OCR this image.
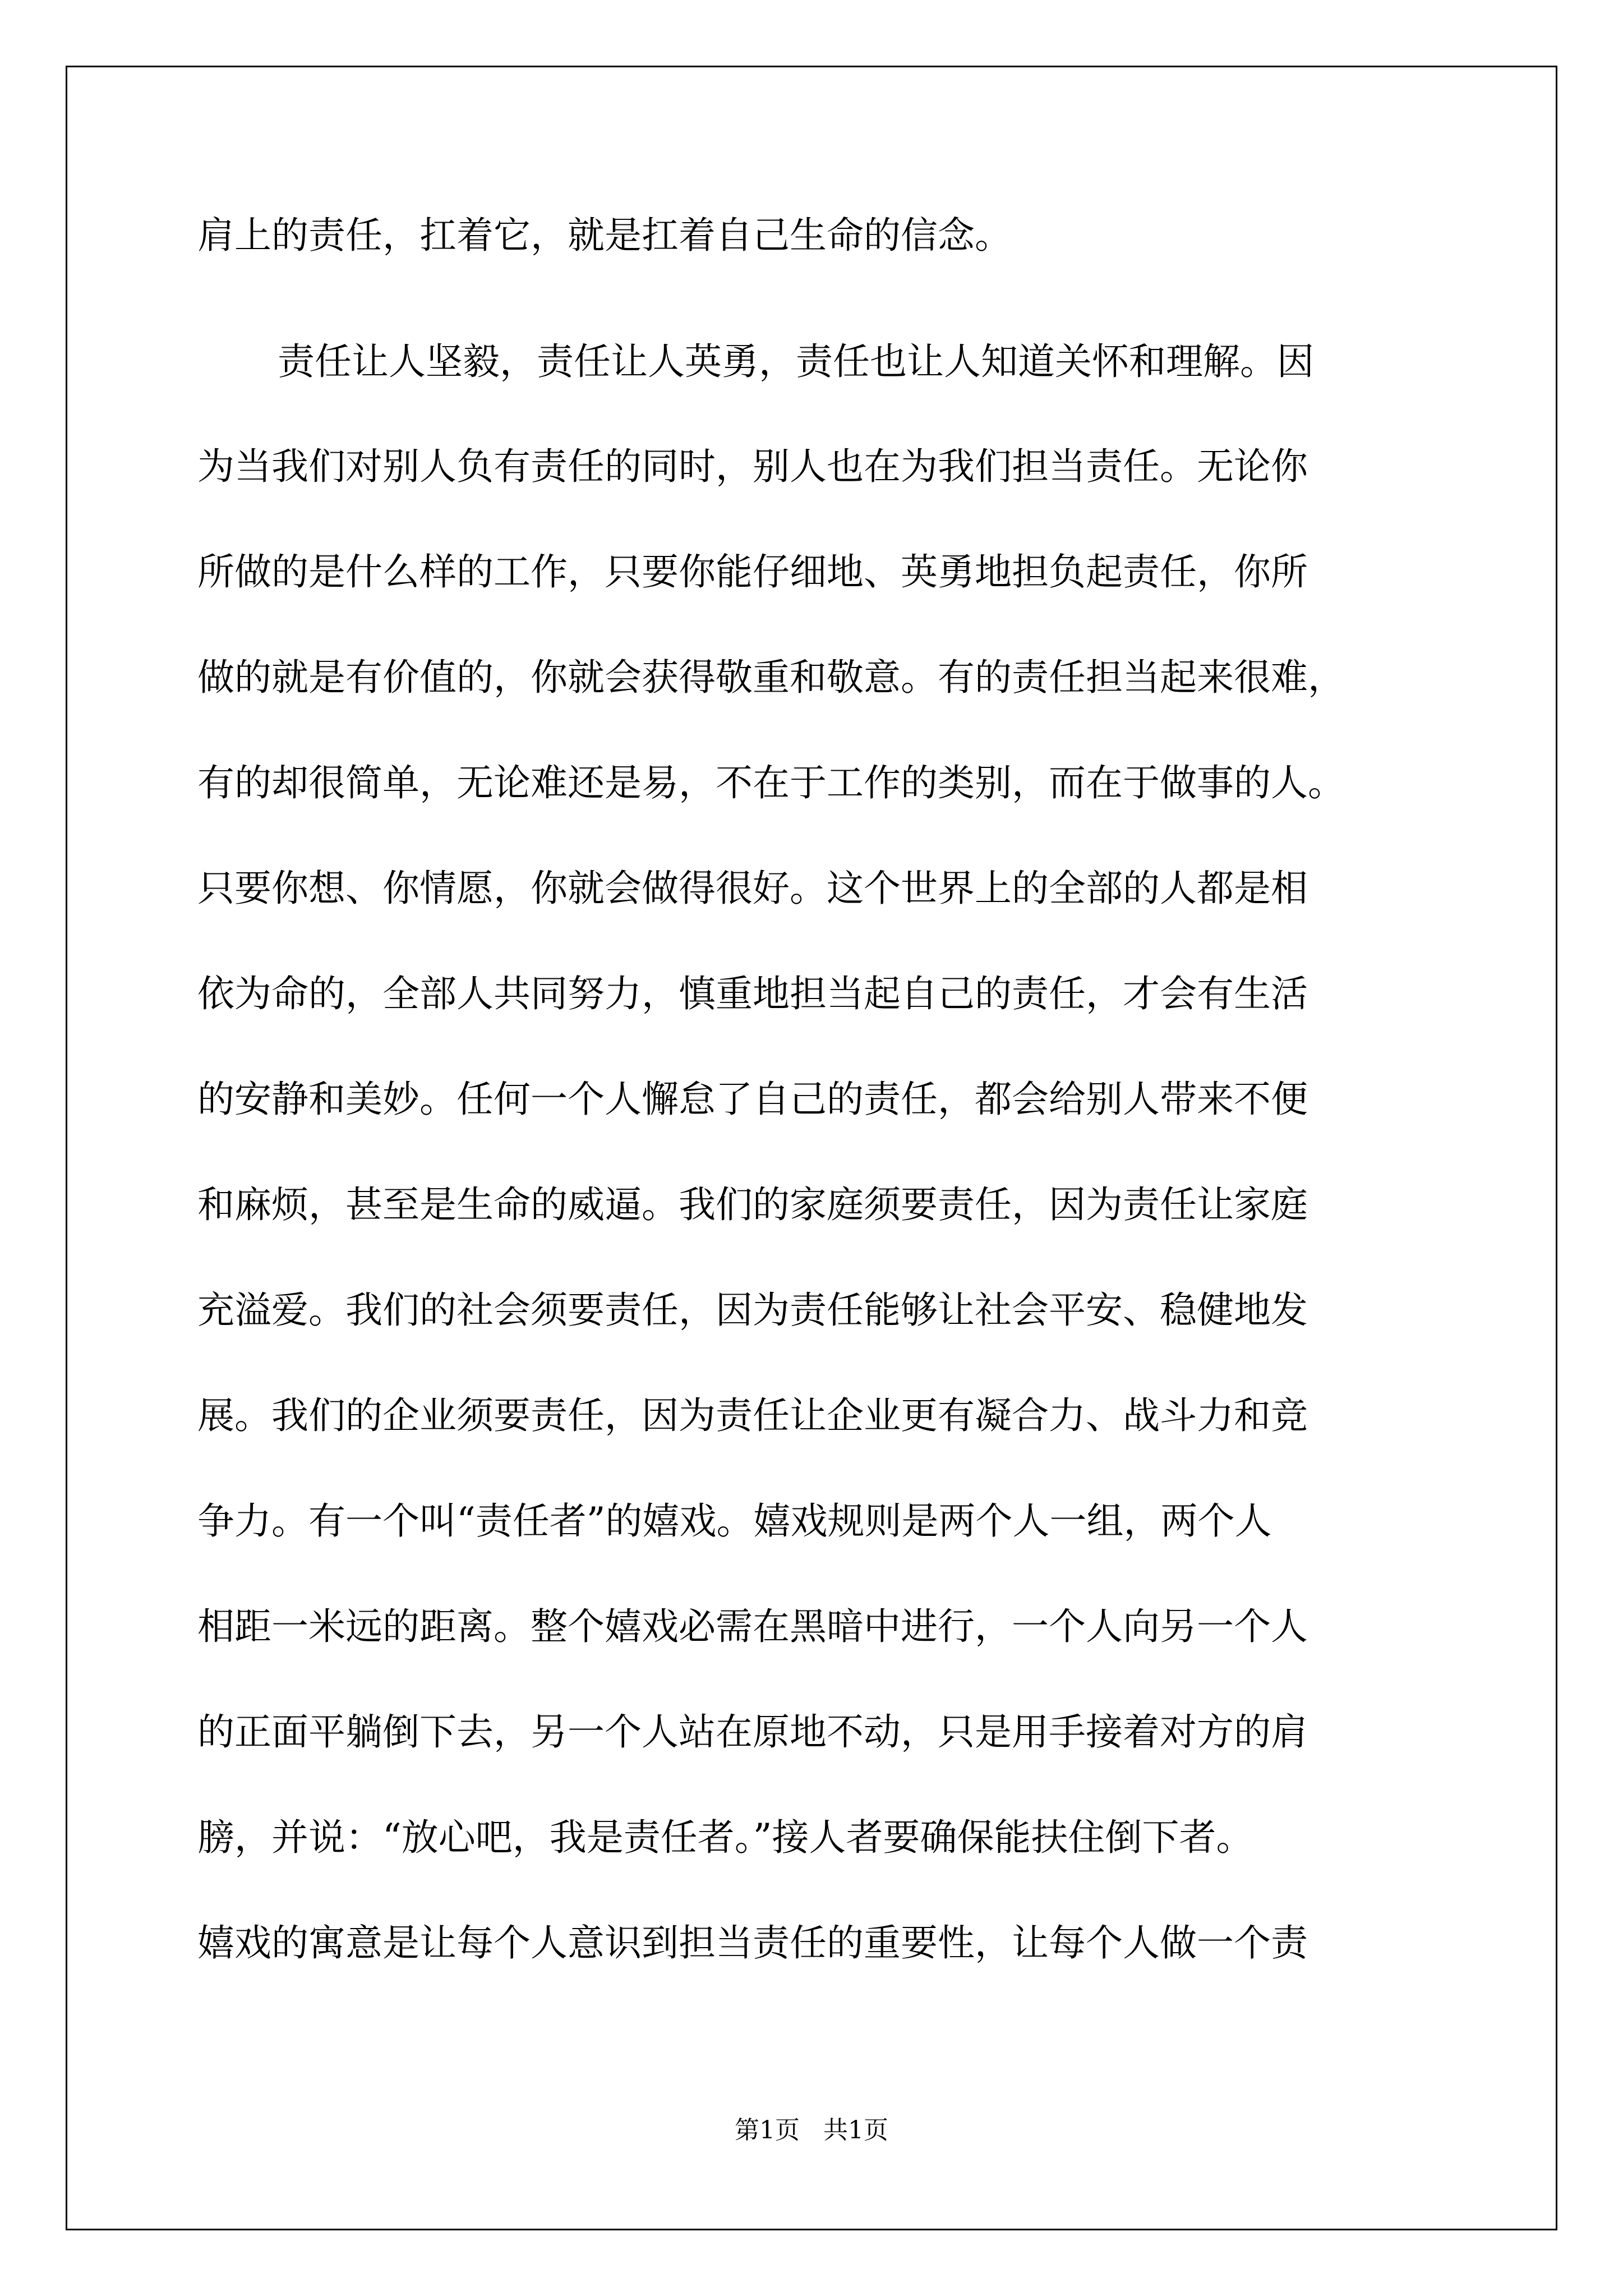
肩上的责任，扛着它，就是扛着自己生命的信念。
责任让人坚毅，责任让人英勇，责任也让人知道关怀和理解。因
为当我们对别人负有责任的同时，别人也在为我们担当责任。无论你
所做的是什么样的工作，只要你能仔细地、英勇地担负起责任，你所
做的就是有价值的，你就会获得敬重和敬意。有的责任担当起来很难，
有的却很简单，无论难还是易，不在于工作的类别，而在于做事的人。
只要你想、你情愿，你就会做得很好。这个世界上的全部的人都是相
依为命的，全部人共同努力，慎重地担当起自己的责任，才会有生活
的安静和美妙。任何一个人懈怠了自己的责任，都会给别人带来不便
和麻烦，甚至是生命的威逼。我们的家庭须要责任，因为责任让家庭
充溢爱。我们的社会须要责任，因为责任能够让社会平安、稳健地发
展。我们的企业须要责任，因为责任让企业更有凝合力、战斗力和竞
争力。有一个叫“责任者”的嬉戏。嬉戏规则是两个人一组，两个人
相距一米远的距离。整个嬉戏必需在黑暗中进行，一个人向另一个人
的正面平躺倒下去，另一个人站在原地不动，只是用手接着对方的肩
膀，并说：“放心吧，我是责任者。”接人者要确保能扶住倒下者。
嬉戏的寓意是让每个人意识到担当责任的重要性，让每个人做一个责
第1页   共1页
